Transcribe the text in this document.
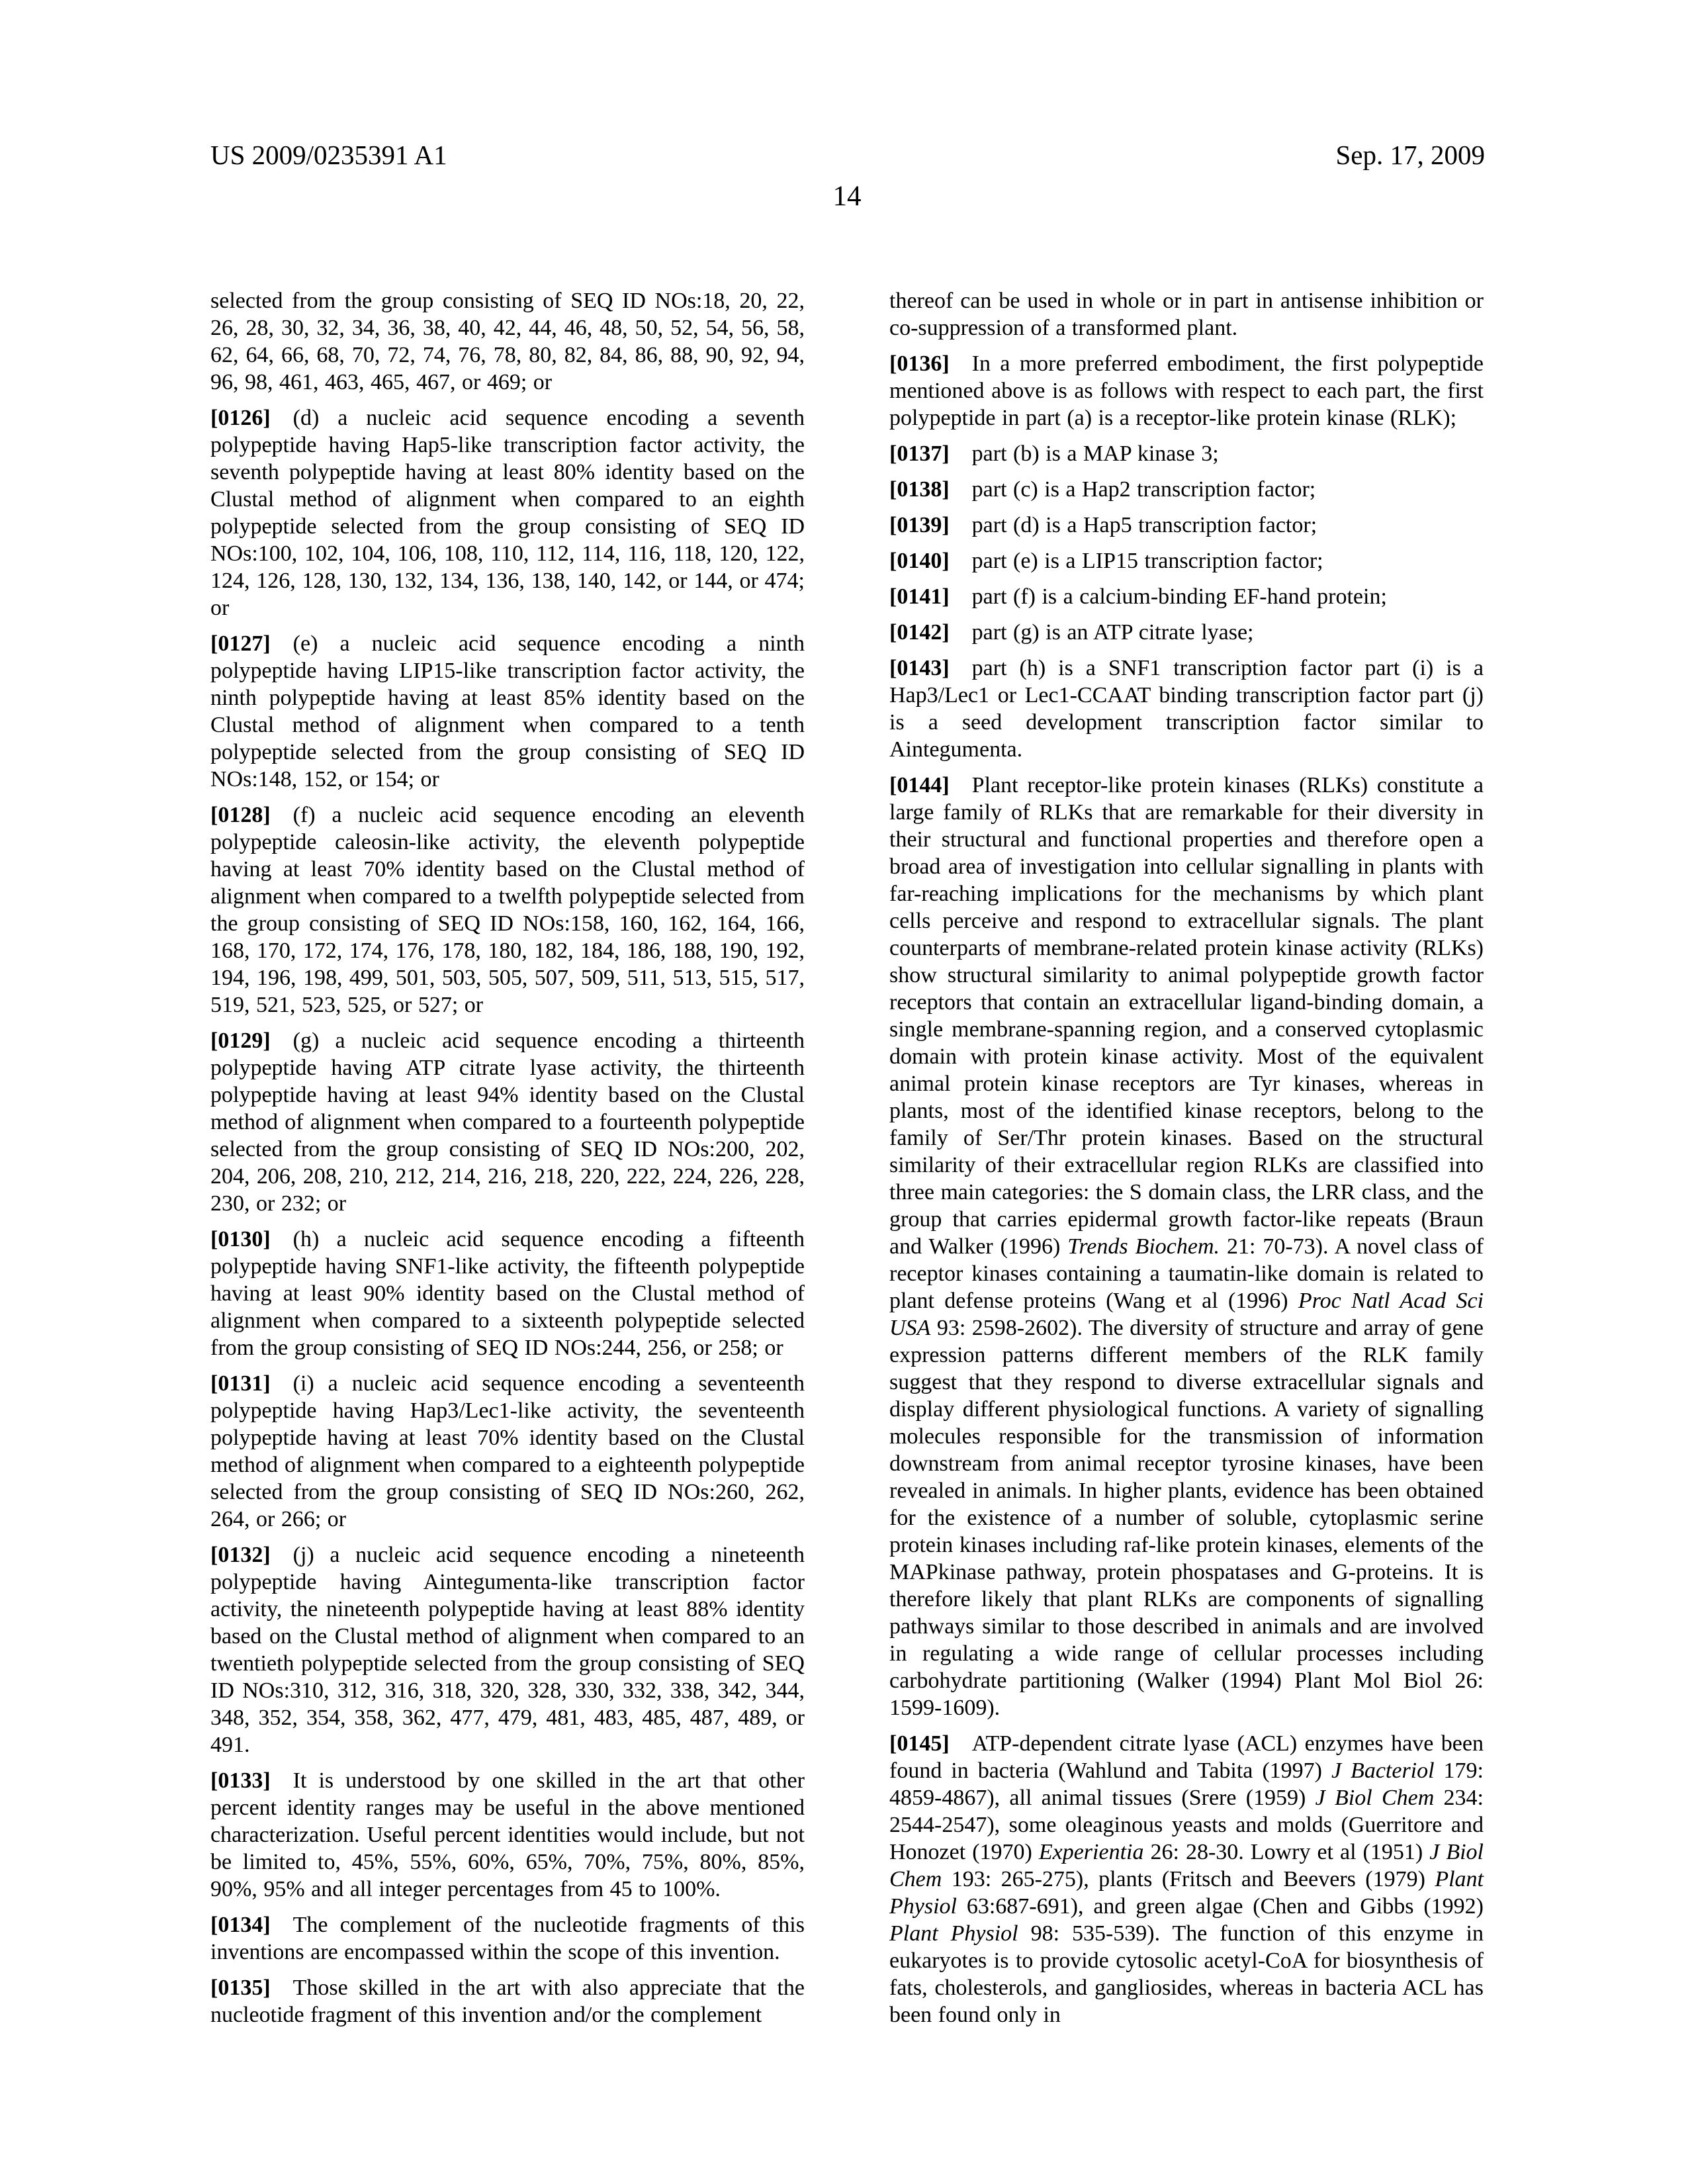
US 2009/0235391 A1	Sep. 17, 2009
14

selected from the group consisting of SEQ ID NOs:18, 20, 22, 26, 28, 30, 32, 34, 36, 38, 40, 42, 44, 46, 48, 50, 52, 54, 56, 58, 62, 64, 66, 68, 70, 72, 74, 76, 78, 80, 82, 84, 86, 88, 90, 92, 94, 96, 98, 461, 463, 465, 467, or 469; or

[0126] (d) a nucleic acid sequence encoding a seventh polypeptide having Hap5-like transcription factor activity, the seventh polypeptide having at least 80% identity based on the Clustal method of alignment when compared to an eighth polypeptide selected from the group consisting of SEQ ID NOs:100, 102, 104, 106, 108, 110, 112, 114, 116, 118, 120, 122, 124, 126, 128, 130, 132, 134, 136, 138, 140, 142, or 144, or 474; or

[0127] (e) a nucleic acid sequence encoding a ninth polypeptide having LIP15-like transcription factor activity, the ninth polypeptide having at least 85% identity based on the Clustal method of alignment when compared to a tenth polypeptide selected from the group consisting of SEQ ID NOs:148, 152, or 154; or

[0128] (f) a nucleic acid sequence encoding an eleventh polypeptide caleosin-like activity, the eleventh polypeptide having at least 70% identity based on the Clustal method of alignment when compared to a twelfth polypeptide selected from the group consisting of SEQ ID NOs:158, 160, 162, 164, 166, 168, 170, 172, 174, 176, 178, 180, 182, 184, 186, 188, 190, 192, 194, 196, 198, 499, 501, 503, 505, 507, 509, 511, 513, 515, 517, 519, 521, 523, 525, or 527; or

[0129] (g) a nucleic acid sequence encoding a thirteenth polypeptide having ATP citrate lyase activity, the thirteenth polypeptide having at least 94% identity based on the Clustal method of alignment when compared to a fourteenth polypeptide selected from the group consisting of SEQ ID NOs:200, 202, 204, 206, 208, 210, 212, 214, 216, 218, 220, 222, 224, 226, 228, 230, or 232; or

[0130] (h) a nucleic acid sequence encoding a fifteenth polypeptide having SNF1-like activity, the fifteenth polypeptide having at least 90% identity based on the Clustal method of alignment when compared to a sixteenth polypeptide selected from the group consisting of SEQ ID NOs:244, 256, or 258; or

[0131] (i) a nucleic acid sequence encoding a seventeenth polypeptide having Hap3/Lec1-like activity, the seventeenth polypeptide having at least 70% identity based on the Clustal method of alignment when compared to a eighteenth polypeptide selected from the group consisting of SEQ ID NOs:260, 262, 264, or 266; or

[0132] (j) a nucleic acid sequence encoding a nineteenth polypeptide having Aintegumenta-like transcription factor activity, the nineteenth polypeptide having at least 88% identity based on the Clustal method of alignment when compared to an twentieth polypeptide selected from the group consisting of SEQ ID NOs:310, 312, 316, 318, 320, 328, 330, 332, 338, 342, 344, 348, 352, 354, 358, 362, 477, 479, 481, 483, 485, 487, 489, or 491.

[0133] It is understood by one skilled in the art that other percent identity ranges may be useful in the above mentioned characterization. Useful percent identities would include, but not be limited to, 45%, 55%, 60%, 65%, 70%, 75%, 80%, 85%, 90%, 95% and all integer percentages from 45 to 100%.

[0134] The complement of the nucleotide fragments of this inventions are encompassed within the scope of this invention.

[0135] Those skilled in the art with also appreciate that the nucleotide fragment of this invention and/or the complement

thereof can be used in whole or in part in antisense inhibition or co-suppression of a transformed plant.

[0136] In a more preferred embodiment, the first polypeptide mentioned above is as follows with respect to each part, the first polypeptide in part (a) is a receptor-like protein kinase (RLK);

[0137] part (b) is a MAP kinase 3;

[0138] part (c) is a Hap2 transcription factor;

[0139] part (d) is a Hap5 transcription factor;

[0140] part (e) is a LIP15 transcription factor;

[0141] part (f) is a calcium-binding EF-hand protein;

[0142] part (g) is an ATP citrate lyase;

[0143] part (h) is a SNF1 transcription factor part (i) is a Hap3/Lec1 or Lec1-CCAAT binding transcription factor part (j) is a seed development transcription factor similar to Aintegumenta.

[0144] Plant receptor-like protein kinases (RLKs) constitute a large family of RLKs that are remarkable for their diversity in their structural and functional properties and therefore open a broad area of investigation into cellular signalling in plants with far-reaching implications for the mechanisms by which plant cells perceive and respond to extracellular signals. The plant counterparts of membrane-related protein kinase activity (RLKs) show structural similarity to animal polypeptide growth factor receptors that contain an extracellular ligand-binding domain, a single membrane-spanning region, and a conserved cytoplasmic domain with protein kinase activity. Most of the equivalent animal protein kinase receptors are Tyr kinases, whereas in plants, most of the identified kinase receptors, belong to the family of Ser/Thr protein kinases. Based on the structural similarity of their extracellular region RLKs are classified into three main categories: the S domain class, the LRR class, and the group that carries epidermal growth factor-like repeats (Braun and Walker (1996) Trends Biochem. 21: 70-73). A novel class of receptor kinases containing a taumatin-like domain is related to plant defense proteins (Wang et al (1996) Proc Natl Acad Sci USA 93: 2598-2602). The diversity of structure and array of gene expression patterns different members of the RLK family suggest that they respond to diverse extracellular signals and display different physiological functions. A variety of signalling molecules responsible for the transmission of information downstream from animal receptor tyrosine kinases, have been revealed in animals. In higher plants, evidence has been obtained for the existence of a number of soluble, cytoplasmic serine protein kinases including raf-like protein kinases, elements of the MAPkinase pathway, protein phospatases and G-proteins. It is therefore likely that plant RLKs are components of signalling pathways similar to those described in animals and are involved in regulating a wide range of cellular processes including carbohydrate partitioning (Walker (1994) Plant Mol Biol 26: 1599-1609).

[0145] ATP-dependent citrate lyase (ACL) enzymes have been found in bacteria (Wahlund and Tabita (1997) J Bacteriol 179: 4859-4867), all animal tissues (Srere (1959) J Biol Chem 234: 2544-2547), some oleaginous yeasts and molds (Guerritore and Honozet (1970) Experientia 26: 28-30. Lowry et al (1951) J Biol Chem 193: 265-275), plants (Fritsch and Beevers (1979) Plant Physiol 63:687-691), and green algae (Chen and Gibbs (1992) Plant Physiol 98: 535-539). The function of this enzyme in eukaryotes is to provide cytosolic acetyl-CoA for biosynthesis of fats, cholesterols, and gangliosides, whereas in bacteria ACL has been found only in
